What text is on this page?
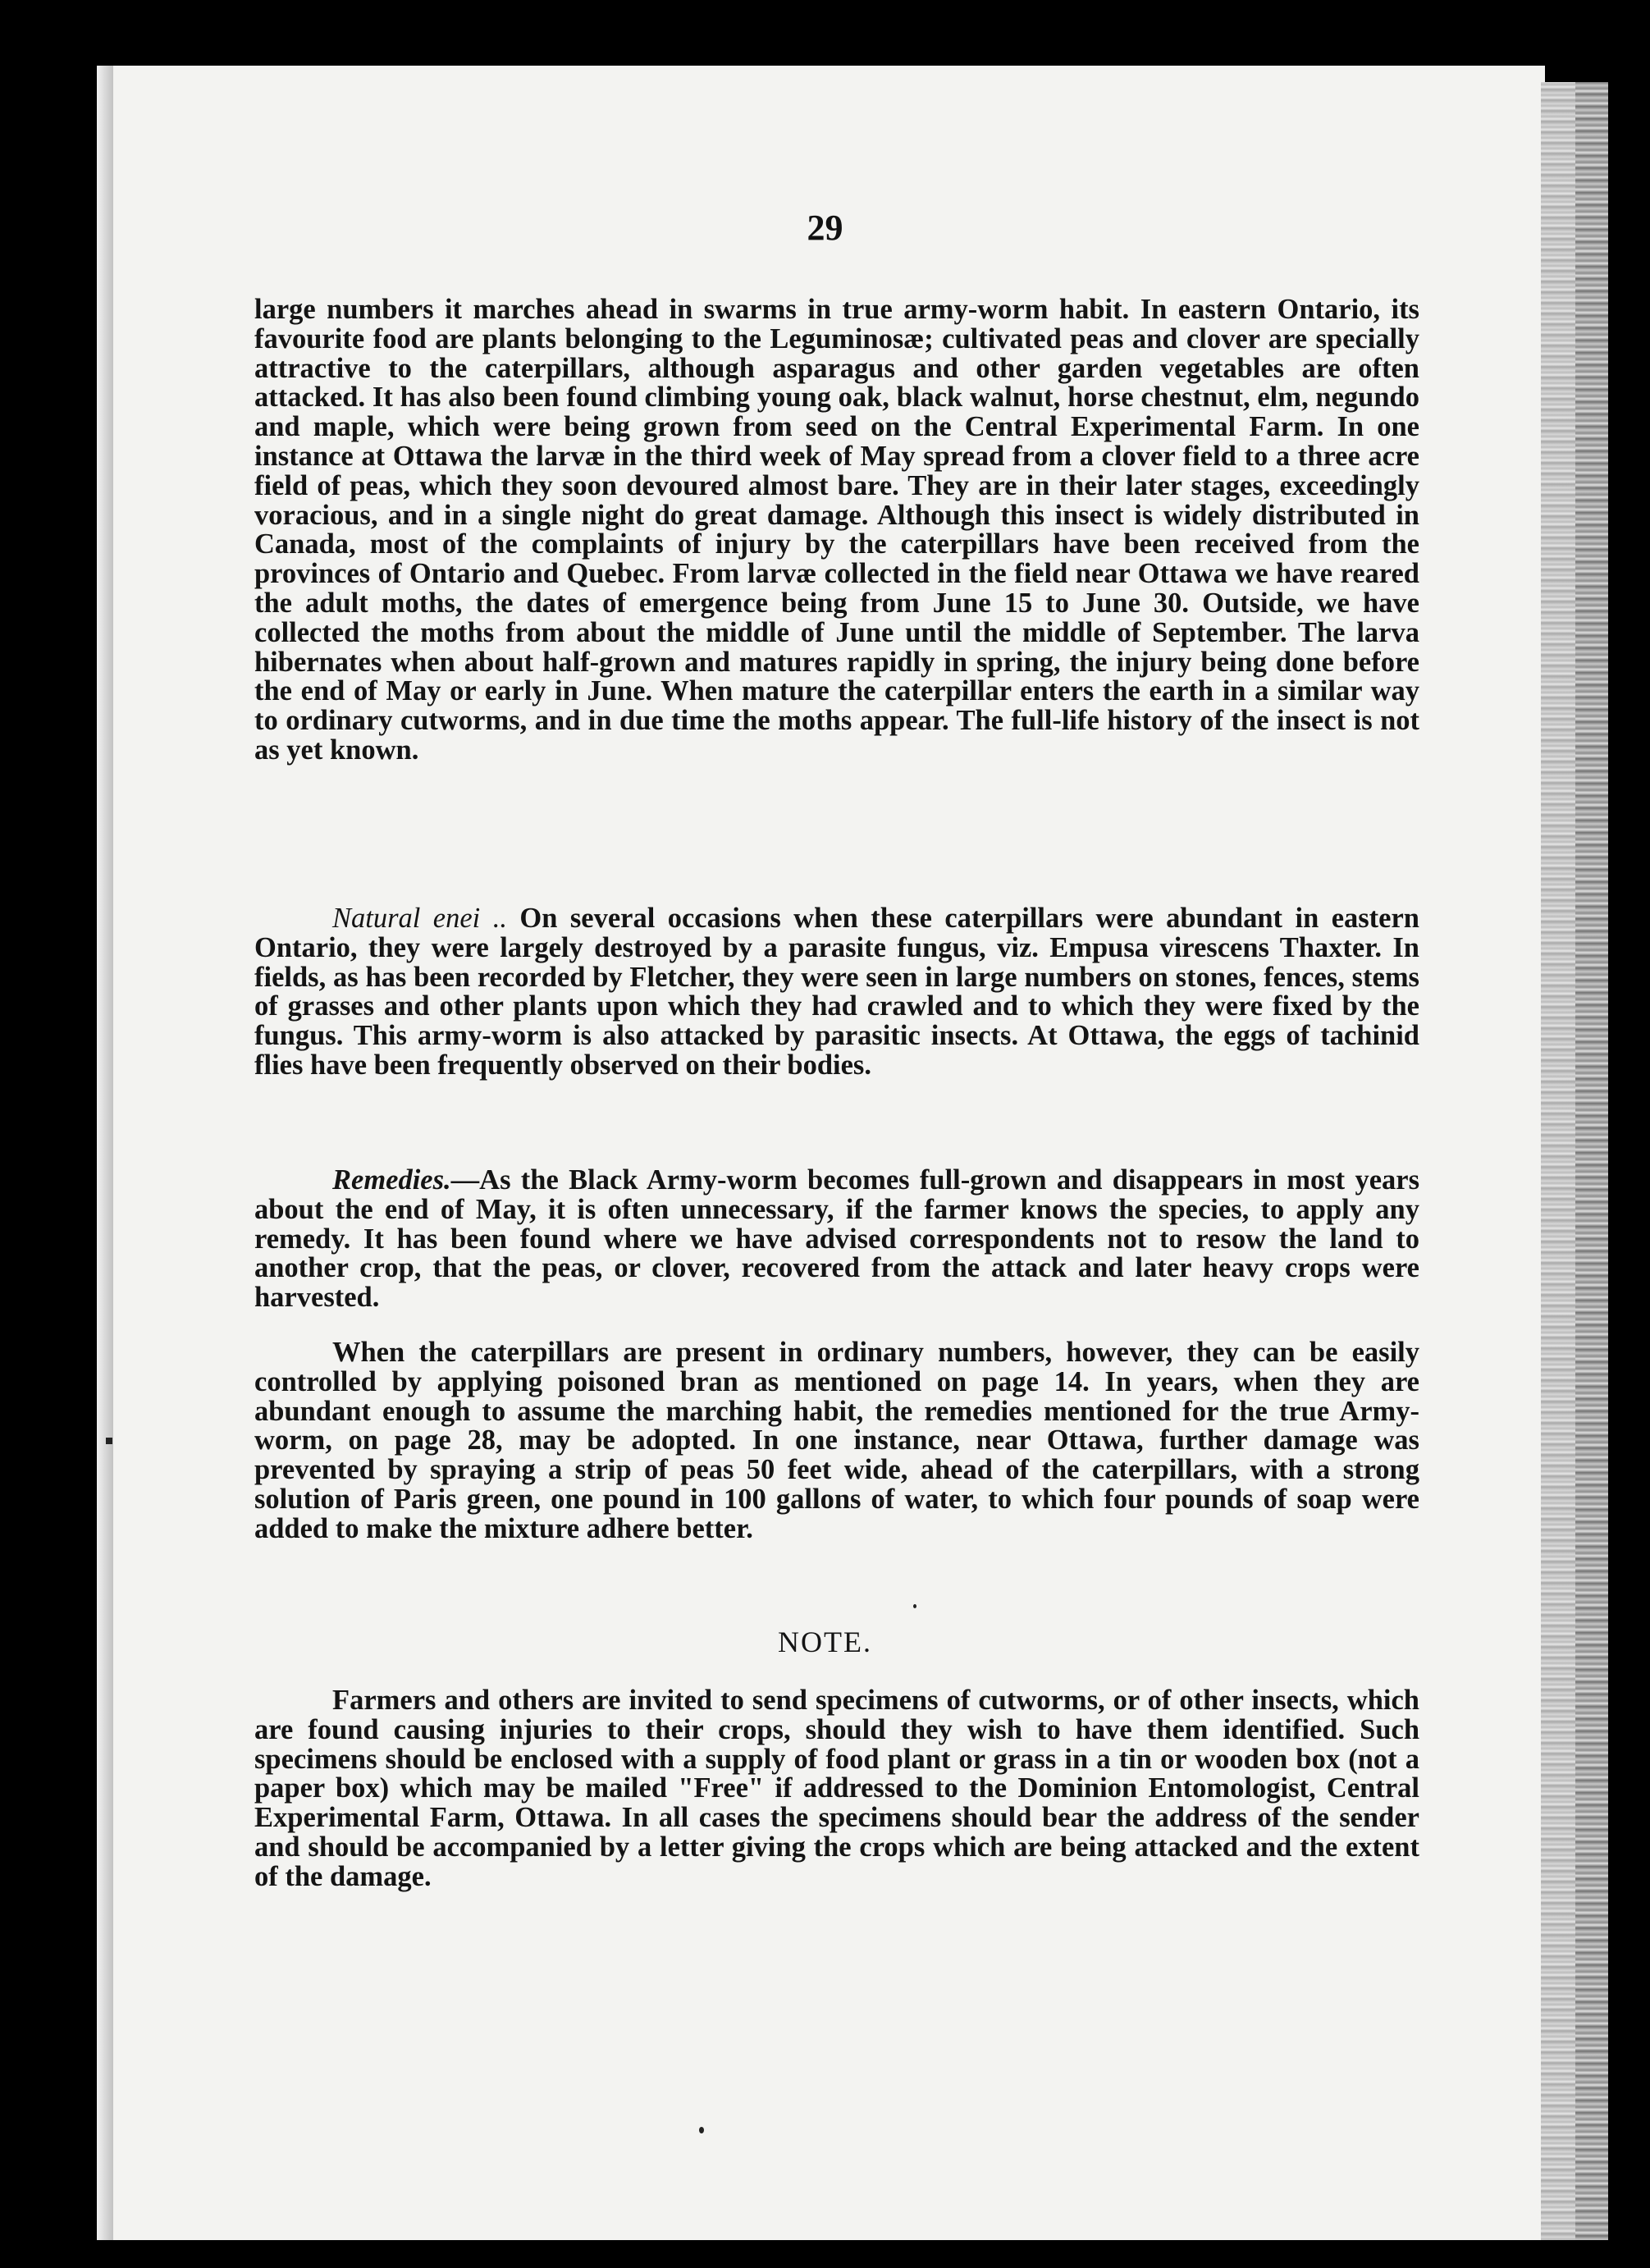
29
large numbers it marches ahead in swarms in true army-worm habit. In eastern Ontario, its favourite food are plants belonging to the Leguminosæ; cultivated peas and clover are specially attractive to the caterpillars, although asparagus and other garden vegetables are often attacked. It has also been found climbing young oak, black walnut, horse chestnut, elm, negundo and maple, which were being grown from seed on the Central Experimental Farm. In one instance at Ottawa the larvæ in the third week of May spread from a clover field to a three acre field of peas, which they soon devoured almost bare. They are in their later stages, exceedingly voracious, and in a single night do great damage. Although this insect is widely distributed in Canada, most of the complaints of injury by the caterpillars have been received from the provinces of Ontario and Quebec. From larvæ collected in the field near Ottawa we have reared the adult moths, the dates of emergence being from June 15 to June 30. Outside, we have collected the moths from about the middle of June until the middle of September. The larva hibernates when about half-grown and matures rapidly in spring, the injury being done before the end of May or early in June. When mature the caterpillar enters the earth in a similar way to ordinary cutworms, and in due time the moths appear. The full-life history of the insect is not as yet known.
Natural enei .. On several occasions when these caterpillars were abundant in eastern Ontario, they were largely destroyed by a parasite fungus, viz. Empusa virescens Thaxter. In fields, as has been recorded by Fletcher, they were seen in large numbers on stones, fences, stems of grasses and other plants upon which they had crawled and to which they were fixed by the fungus. This army-worm is also attacked by parasitic insects. At Ottawa, the eggs of tachinid flies have been frequently observed on their bodies.
Remedies.—As the Black Army-worm becomes full-grown and disappears in most years about the end of May, it is often unnecessary, if the farmer knows the species, to apply any remedy. It has been found where we have advised correspondents not to resow the land to another crop, that the peas, or clover, recovered from the attack and later heavy crops were harvested.
When the caterpillars are present in ordinary numbers, however, they can be easily controlled by applying poisoned bran as mentioned on page 14. In years, when they are abundant enough to assume the marching habit, the remedies mentioned for the true Army-worm, on page 28, may be adopted. In one instance, near Ottawa, further damage was prevented by spraying a strip of peas 50 feet wide, ahead of the caterpillars, with a strong solution of Paris green, one pound in 100 gallons of water, to which four pounds of soap were added to make the mixture adhere better.
NOTE.
Farmers and others are invited to send specimens of cutworms, or of other insects, which are found causing injuries to their crops, should they wish to have them identified. Such specimens should be enclosed with a supply of food plant or grass in a tin or wooden box (not a paper box) which may be mailed "Free" if addressed to the Dominion Entomologist, Central Experimental Farm, Ottawa. In all cases the specimens should bear the address of the sender and should be accompanied by a letter giving the crops which are being attacked and the extent of the damage.
